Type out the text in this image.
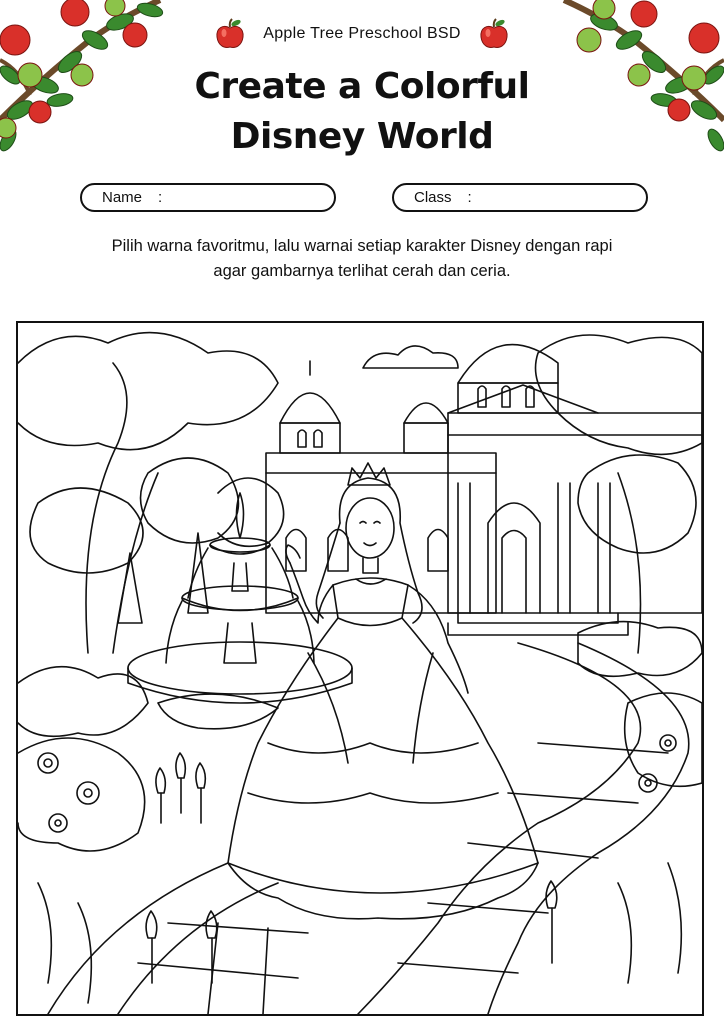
Apple Tree Preschool BSD
Create a Colorful
Disney World
Name :	Class :
Pilih warna favoritmu, lalu warnai setiap karakter Disney dengan rapi
agar gambarnya terlihat cerah dan ceria.
